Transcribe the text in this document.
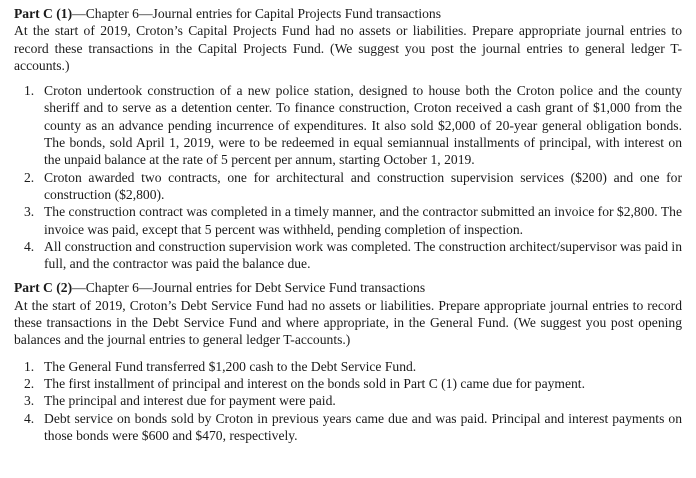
Part C (1)—Chapter 6—Journal entries for Capital Projects Fund transactions

At the start of 2019, Croton’s Capital Projects Fund had no assets or liabilities. Prepare appropriate journal entries to record these transactions in the Capital Projects Fund. (We suggest you post the journal entries to general ledger T-accounts.)

1. Croton undertook construction of a new police station, designed to house both the Croton police and the county sheriff and to serve as a detention center. To finance construction, Croton received a cash grant of $1,000 from the county as an advance pending incurrence of expenditures. It also sold $2,000 of 20-year general obligation bonds. The bonds, sold April 1, 2019, were to be redeemed in equal semiannual installments of principal, with interest on the unpaid balance at the rate of 5 percent per annum, starting October 1, 2019.
2. Croton awarded two contracts, one for architectural and construction supervision services ($200) and one for construction ($2,800).
3. The construction contract was completed in a timely manner, and the contractor submitted an invoice for $2,800. The invoice was paid, except that 5 percent was withheld, pending completion of inspection.
4. All construction and construction supervision work was completed. The construction architect/supervisor was paid in full, and the contractor was paid the balance due.

Part C (2)—Chapter 6—Journal entries for Debt Service Fund transactions

At the start of 2019, Croton’s Debt Service Fund had no assets or liabilities. Prepare appropriate journal entries to record these transactions in the Debt Service Fund and where appropriate, in the General Fund. (We suggest you post opening balances and the journal entries to general ledger T-accounts.)

1. The General Fund transferred $1,200 cash to the Debt Service Fund.
2. The first installment of principal and interest on the bonds sold in Part C (1) came due for payment.
3. The principal and interest due for payment were paid.
4. Debt service on bonds sold by Croton in previous years came due and was paid. Principal and interest payments on those bonds were $600 and $470, respectively.
